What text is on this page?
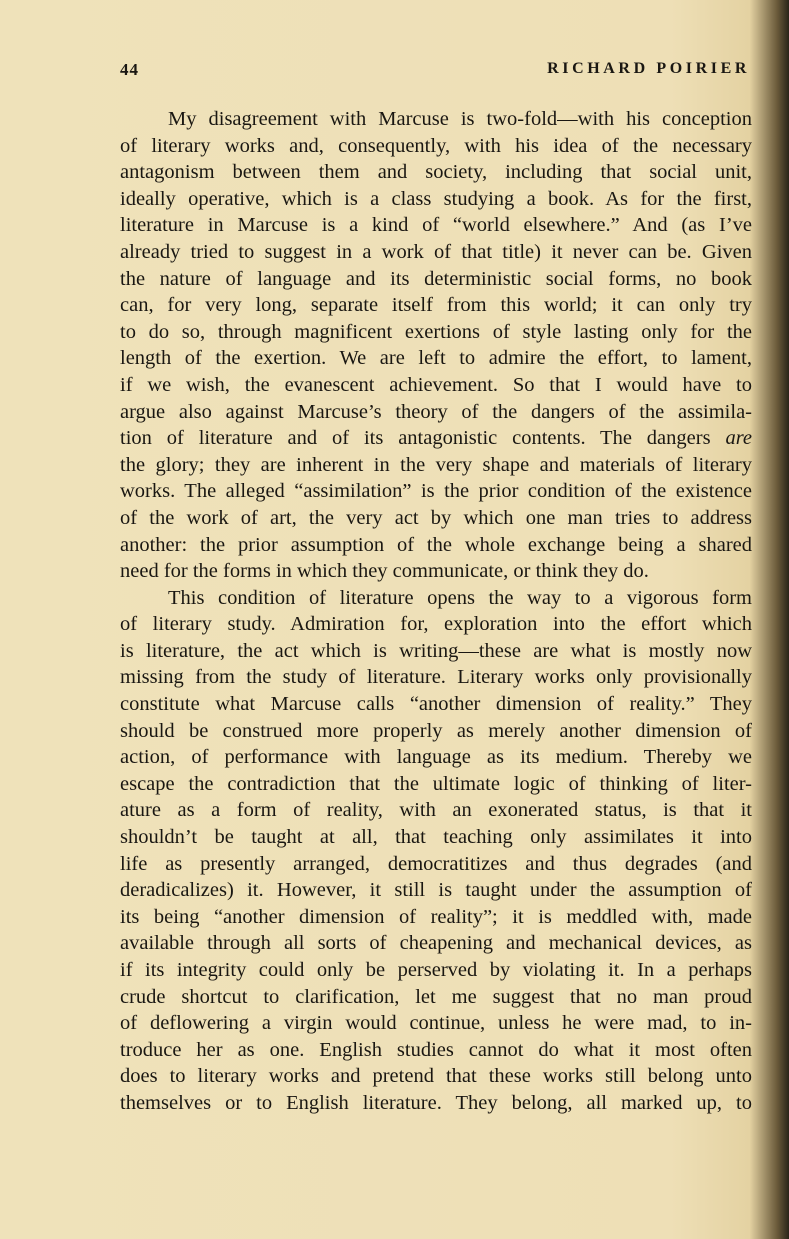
44	RICHARD POIRIER
My disagreement with Marcuse is two-fold—with his conception
of literary works and, consequently, with his idea of the necessary
antagonism between them and society, including that social unit,
ideally operative, which is a class studying a book. As for the first,
literature in Marcuse is a kind of “world elsewhere.” And (as I’ve
already tried to suggest in a work of that title) it never can be. Given
the nature of language and its deterministic social forms, no book
can, for very long, separate itself from this world; it can only try
to do so, through magnificent exertions of style lasting only for the
length of the exertion. We are left to admire the effort, to lament,
if we wish, the evanescent achievement. So that I would have to
argue also against Marcuse’s theory of the dangers of the assimila-
tion of literature and of its antagonistic contents. The dangers are
the glory; they are inherent in the very shape and materials of literary
works. The alleged “assimilation” is the prior condition of the existence
of the work of art, the very act by which one man tries to address
another: the prior assumption of the whole exchange being a shared
need for the forms in which they communicate, or think they do.
This condition of literature opens the way to a vigorous form
of literary study. Admiration for, exploration into the effort which
is literature, the act which is writing—these are what is mostly now
missing from the study of literature. Literary works only provisionally
constitute what Marcuse calls “another dimension of reality.” They
should be construed more properly as merely another dimension of
action, of performance with language as its medium. Thereby we
escape the contradiction that the ultimate logic of thinking of liter-
ature as a form of reality, with an exonerated status, is that it
shouldn’t be taught at all, that teaching only assimilates it into
life as presently arranged, democratitizes and thus degrades (and
deradicalizes) it. However, it still is taught under the assumption of
its being “another dimension of reality”; it is meddled with, made
available through all sorts of cheapening and mechanical devices, as
if its integrity could only be perserved by violating it. In a perhaps
crude shortcut to clarification, let me suggest that no man proud
of deflowering a virgin would continue, unless he were mad, to in-
troduce her as one. English studies cannot do what it most often
does to literary works and pretend that these works still belong unto
themselves or to English literature. They belong, all marked up, to
